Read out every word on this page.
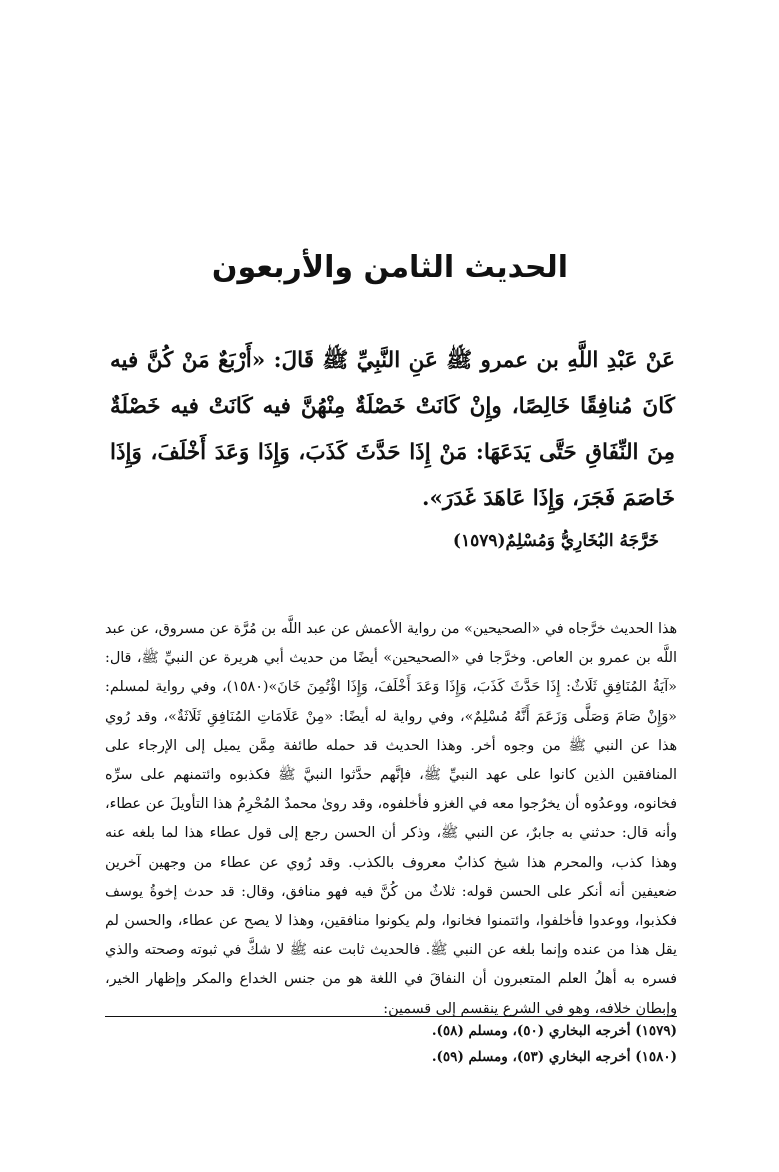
الحديث الثامن والأربعون
عَنْ عَبْدِ اللَّهِ بن عمرو ﷺ عَنِ النَّبِيِّ ﷺ قَالَ: «أَرْبَعٌ مَنْ كُنَّ فيه كَانَ مُنافِقًا خَالِصًا، وإِنْ كَانَتْ خَصْلَةٌ مِنْهُنَّ فيه كَانَتْ فيه خَصْلَةٌ مِنَ النِّفَاقِ حَتَّى يَدَعَهَا: مَنْ إِذَا حَدَّثَ كَذَبَ، وَإِذَا وَعَدَ أَخْلَفَ، وَإِذَا خَاصَمَ فَجَرَ، وَإِذَا عَاهَدَ غَدَرَ».
خَرَّجَهُ البُخَارِيُّ وَمُسْلِمٌ(١٥٧٩)
هذا الحديث خرَّجاه في «الصحيحين» من رواية الأعمش عن عبد اللَّه بن مُرَّة عن مسروق، عن عبد اللَّه بن عمرو بن العاص. وخرَّجا في «الصحيحين» أيضًا من حديث أبي هريرة عن النبيِّ ﷺ، قال: «آيَةُ المُنَافِقِ ثَلَاثٌ: إِذَا حَدَّثَ كَذَبَ، وَإِذَا وَعَدَ أَخْلَفَ، وَإِذَا اؤْتُمِنَ خَانَ»(١٥٨٠)، وفي رواية لمسلم: «وَإِنْ صَامَ وَصَلَّى وَزَعَمَ أَنَّهُ مُسْلِمٌ»، وفي رواية له أيضًا: «مِنْ عَلَامَاتِ المُنَافِقِ ثَلَاثَةٌ»، وقد رُوي هذا عن النبي ﷺ من وجوه أخر. وهذا الحديث قد حمله طائفة مِمَّن يميل إلى الإرجاء على المنافقين الذين كانوا على عهد النبيِّ ﷺ، فإنَّهم حدَّثوا النبيَّ ﷺ فكذبوه وائتمنهم على سرِّه فخانوه، ووعدُوه أن يخرُجوا معه في الغزو فأخلفوه، وقد روىٰ محمدٌ المُحْرِمُ هذا التأويلَ عن عطاء، وأنه قال: حدثني به جابرٌ، عن النبي ﷺ، وذكر أن الحسن رجع إلى قول عطاء هذا لما بلغه عنه وهذا كذب، والمحرم هذا شيخ كذابٌ معروف بالكذب. وقد رُوي عن عطاء من وجهين آخرين ضعيفين أنه أنكر على الحسن قوله: ثلاثٌ من كُنَّ فيه فهو منافق، وقال: قد حدث إخوةُ يوسف فكذبوا، ووعدوا فأخلفوا، وائتمنوا فخانوا، ولم يكونوا منافقين، وهذا لا يصح عن عطاء، والحسن لم يقل هذا من عنده وإنما بلغه عن النبي ﷺ. فالحديث ثابت عنه ﷺ لا شكَّ في ثبوته وصحته والذي فسره به أهلُ العلم المتعبرون أن النفاقَ في اللغة هو من جنس الخداع والمكر وإظهار الخير، وإبطان خلافه، وهو في الشرع ينقسم إلى قسمين:
(١٥٧٩) أخرجه البخاري (٥٠)، ومسلم (٥٨).
(١٥٨٠) أخرجه البخاري (٥٣)، ومسلم (٥٩).
